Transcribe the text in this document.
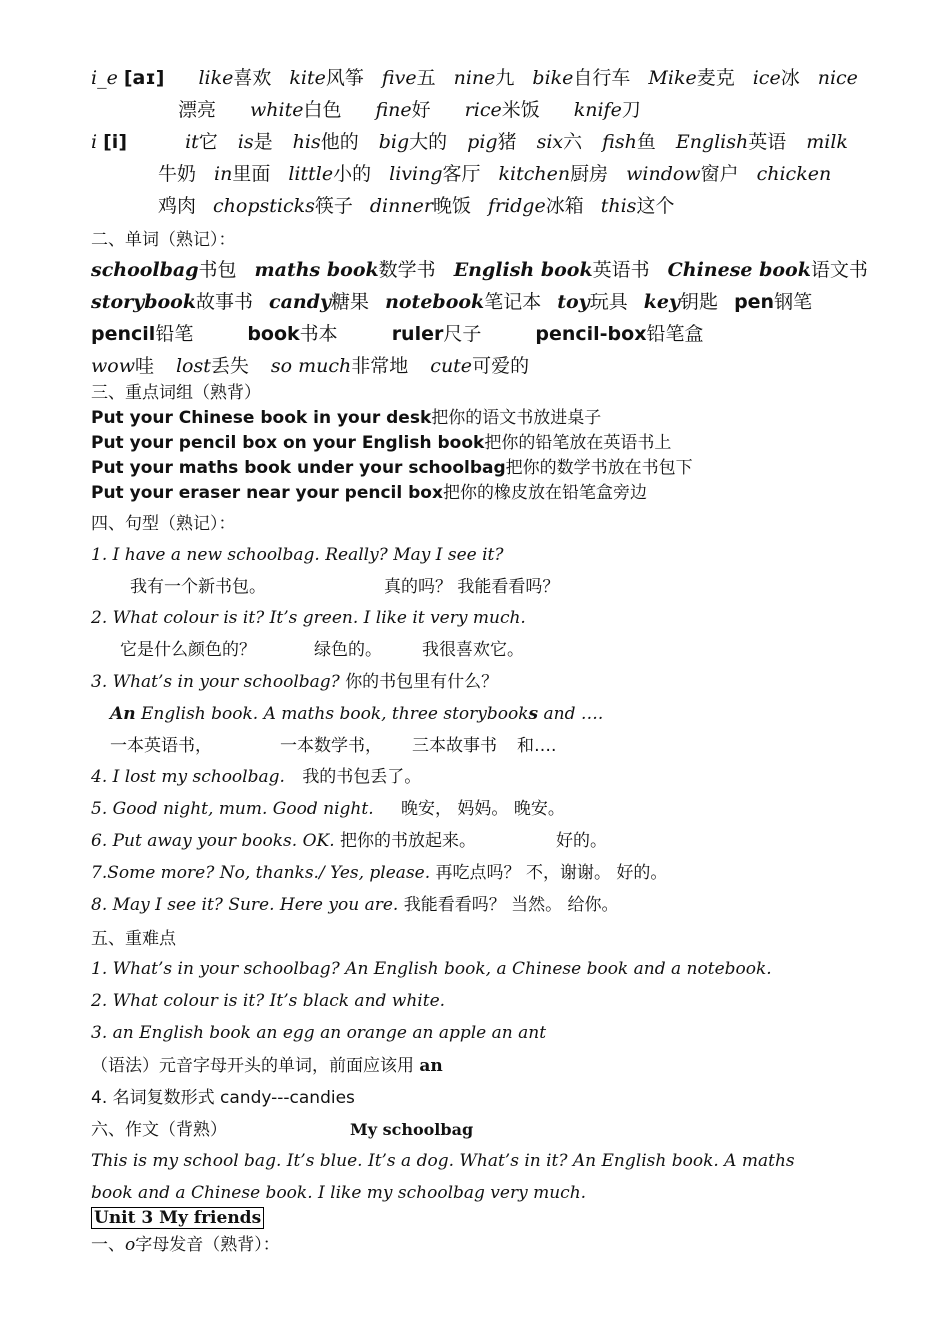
i_e [aɪ] like喜欢 kite风筝 five五 nine九 bike自行车 Mike麦克 ice冰 nice
漂亮 white白色 fine好 rice米饭 knife刀
i [i]	it它 is是 his他的 big大的 pig猪 six六 fish鱼 English英语 milk
牛奶 in里面 little小的 living客厅 kitchen厨房 window窗户 chicken
鸡肉 chopsticks筷子 dinner晚饭 fridge冰箱 this这个
二、单词（熟记）：
schoolbag书包 maths book数学书 English book英语书 Chinese book语文书
storybook故事书 candy糖果 notebook笔记本 toy玩具 key钥匙 pen钢笔
pencil铅笔	book书本	ruler尺子	pencil-box铅笔盒
wow哇 lost丢失 so much非常地 cute可爱的
三、重点词组（熟背）
Put your Chinese book in your desk把你的语文书放进桌子
Put your pencil box on your English book把你的铅笔放在英语书上
Put your maths book under your schoolbag把你的数学书放在书包下
Put your eraser near your pencil box把你的橡皮放在铅笔盒旁边
四、句型（熟记）：
1. I have a new schoolbag. Really? May I see it?
我有一个新书包。	真的吗？ 我能看看吗？
2. What colour is it? It’s green. I like it very much.
它是什么颜色的？	绿色的。 我很喜欢它。
3. What’s in your schoolbag? 你的书包里有什么？
An English book. A maths book, three storybooks and ….
一本英语书，	一本数学书， 三本故事书 和….
4. I lost my schoolbag. 我的书包丢了。
5. Good night, mum. Good night. 晚安， 妈妈。 晚安。
6. Put away your books. OK. 把你的书放起来。	好的。
7.Some more? No, thanks./ Yes, please. 再吃点吗？ 不，谢谢。 好的。
8. May I see it? Sure. Here you are. 我能看看吗？ 当然。 给你。
五、重难点
1. What’s in your schoolbag? An English book, a Chinese book and a notebook.
2. What colour is it? It’s black and white.
3. an English book an egg an orange an apple an ant
（语法）元音字母开头的单词，前面应该用 an
4. 名词复数形式 candy---candies
六、作文（背熟）	My schoolbag
This is my school bag. It’s blue. It’s a dog. What’s in it? An English book. A maths
book and a Chinese book. I like my schoolbag very much.
Unit 3 My friends
一、o字母发音（熟背）：
